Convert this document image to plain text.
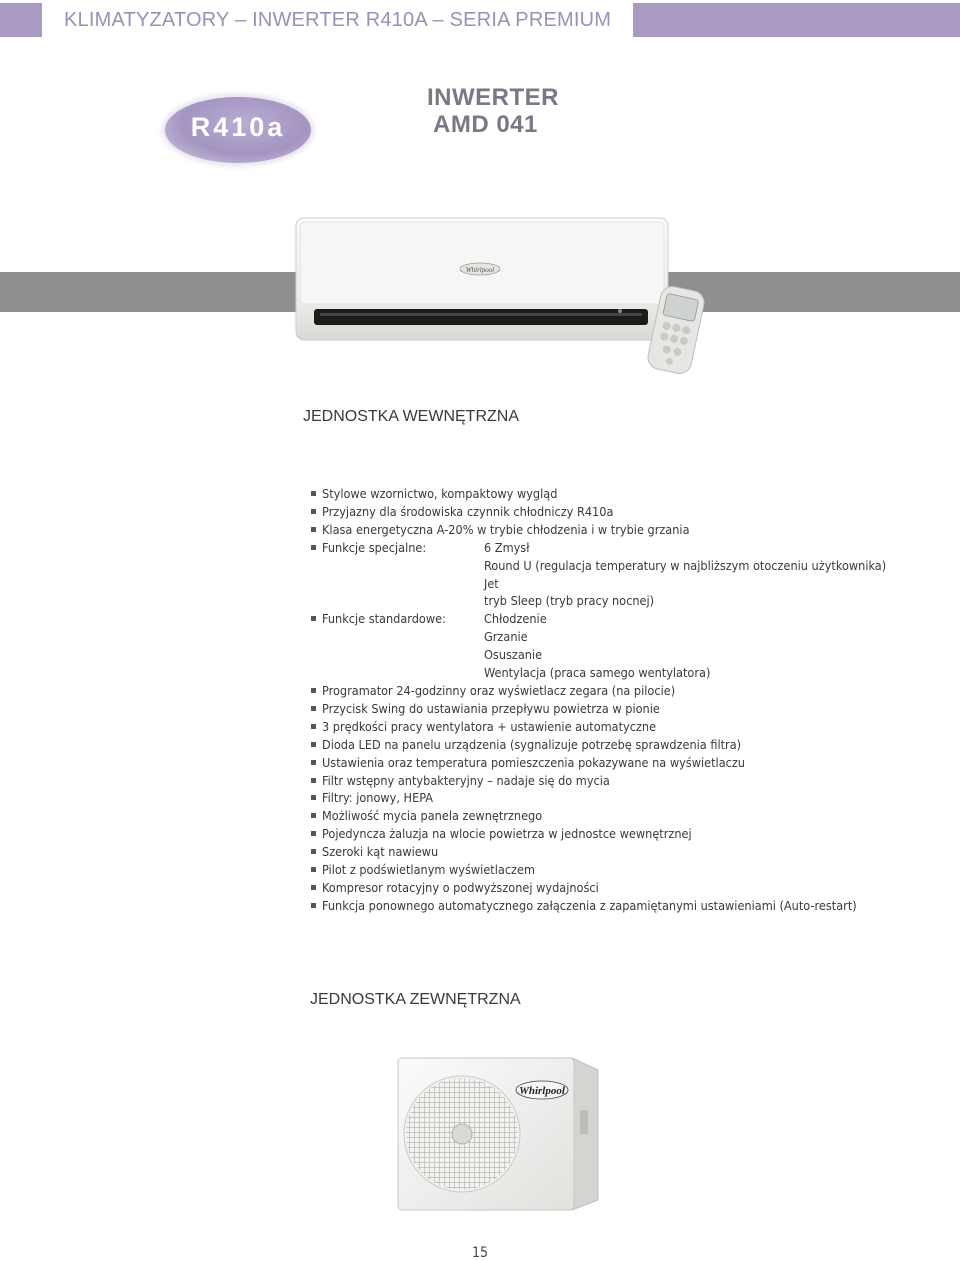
KLIMATYZATORY – INWERTER R410A – SERIA PREMIUM
R410a
INWERTER
AMD 041
Whirlpool
JEDNOSTKA WEWNĘTRZNA
Stylowe wzornictwo, kompaktowy wygląd
Przyjazny dla środowiska czynnik chłodniczy R410a
Klasa energetyczna A-20% w trybie chłodzenia i w trybie grzania
Funkcje specjalne:	6 Zmysł
Round U (regulacja temperatury w najbliższym otoczeniu użytkownika)
Jet
tryb Sleep (tryb pracy nocnej)
Funkcje standardowe:	Chłodzenie
Grzanie
Osuszanie
Wentylacja (praca samego wentylatora)
Programator 24-godzinny oraz wyświetlacz zegara (na pilocie)
Przycisk Swing do ustawiania przepływu powietrza w pionie
3 prędkości pracy wentylatora + ustawienie automatyczne
Dioda LED na panelu urządzenia (sygnalizuje potrzebę sprawdzenia filtra)
Ustawienia oraz temperatura pomieszczenia pokazywane na wyświetlaczu
Filtr wstępny antybakteryjny – nadaje się do mycia
Filtry: jonowy, HEPA
Możliwość mycia panela zewnętrznego
Pojedyncza żaluzja na wlocie powietrza w jednostce wewnętrznej
Szeroki kąt nawiewu
Pilot z podświetlanym wyświetlaczem
Kompresor rotacyjny o podwyższonej wydajności
Funkcja ponownego automatycznego załączenia z zapamiętanymi ustawieniami (Auto-restart)
JEDNOSTKA ZEWNĘTRZNA
Whirlpool
15
